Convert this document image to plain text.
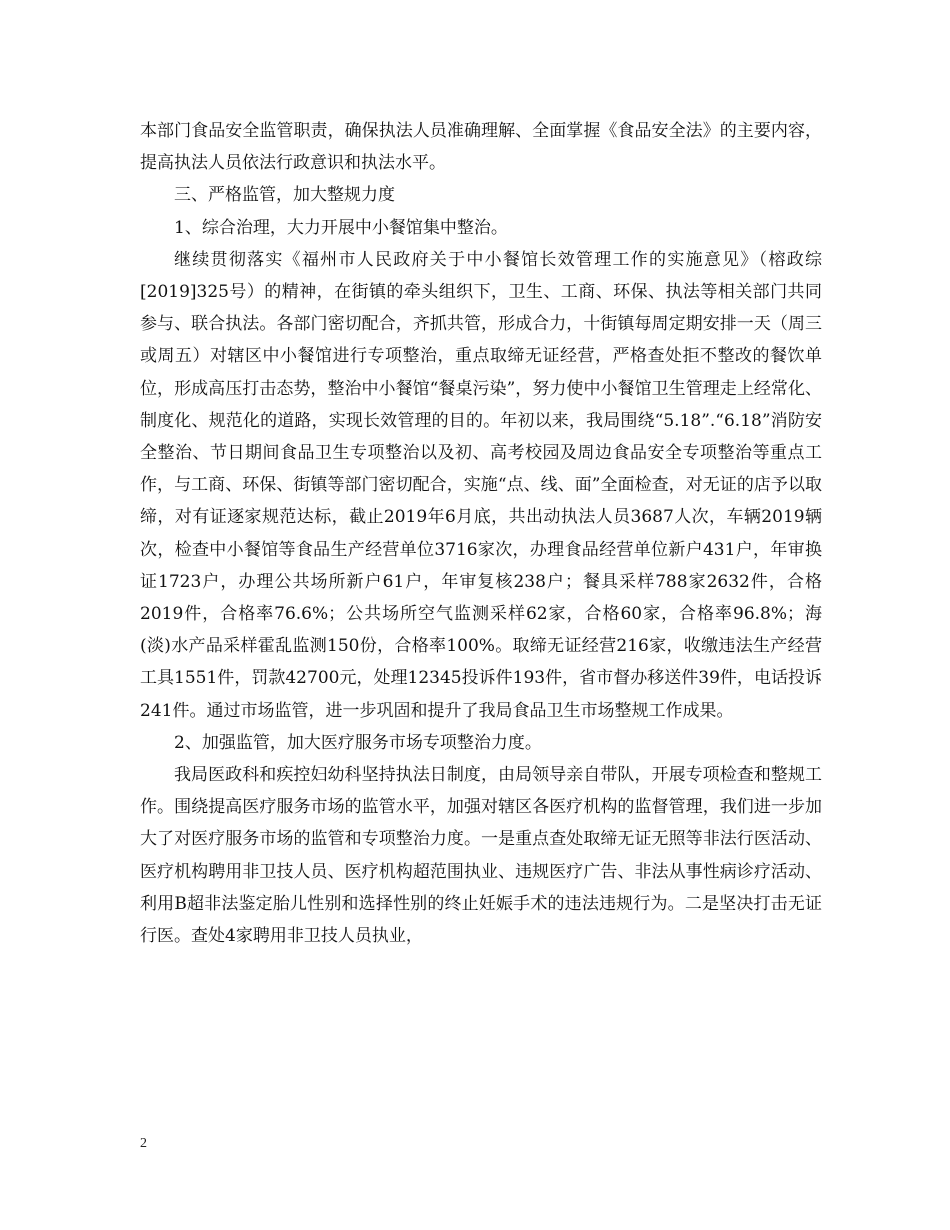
本部门食品安全监管职责，确保执法人员准确理解、全面掌握《食品安全法》的主要内容，提高执法人员依法行政意识和执法水平。

三、严格监管，加大整规力度

1、综合治理，大力开展中小餐馆集中整治。

继续贯彻落实《福州市人民政府关于中小餐馆长效管理工作的实施意见》（榕政综[2019]325号）的精神，在街镇的牵头组织下，卫生、工商、环保、执法等相关部门共同参与、联合执法。各部门密切配合，齐抓共管，形成合力，十街镇每周定期安排一天（周三或周五）对辖区中小餐馆进行专项整治，重点取缔无证经营，严格查处拒不整改的餐饮单位，形成高压打击态势，整治中小餐馆“餐桌污染”，努力使中小餐馆卫生管理走上经常化、制度化、规范化的道路，实现长效管理的目的。年初以来，我局围绕“5.18”.“6.18”消防安全整治、节日期间食品卫生专项整治以及初、高考校园及周边食品安全专项整治等重点工作，与工商、环保、街镇等部门密切配合，实施“点、线、面”全面检查，对无证的店予以取缔，对有证逐家规范达标，截止2019年6月底，共出动执法人员3687人次，车辆2019辆次，检查中小餐馆等食品生产经营单位3716家次，办理食品经营单位新户431户，年审换证1723户，办理公共场所新户61户，年审复核238户；餐具采样788家2632件，合格2019件，合格率76.6%；公共场所空气监测采样62家，合格60家，合格率96.8%；海(淡)水产品采样霍乱监测150份，合格率100%。取缔无证经营216家，收缴违法生产经营工具1551件，罚款42700元，处理12345投诉件193件，省市督办移送件39件，电话投诉241件。通过市场监管，进一步巩固和提升了我局食品卫生市场整规工作成果。

2、加强监管，加大医疗服务市场专项整治力度。

我局医政科和疾控妇幼科坚持执法日制度，由局领导亲自带队，开展专项检查和整规工作。围绕提高医疗服务市场的监管水平，加强对辖区各医疗机构的监督管理，我们进一步加大了对医疗服务市场的监管和专项整治力度。一是重点查处取缔无证无照等非法行医活动、医疗机构聘用非卫技人员、医疗机构超范围执业、违规医疗广告、非法从事性病诊疗活动、利用B超非法鉴定胎儿性别和选择性别的终止妊娠手术的违法违规行为。二是坚决打击无证行医。查处4家聘用非卫技人员执业，

2
